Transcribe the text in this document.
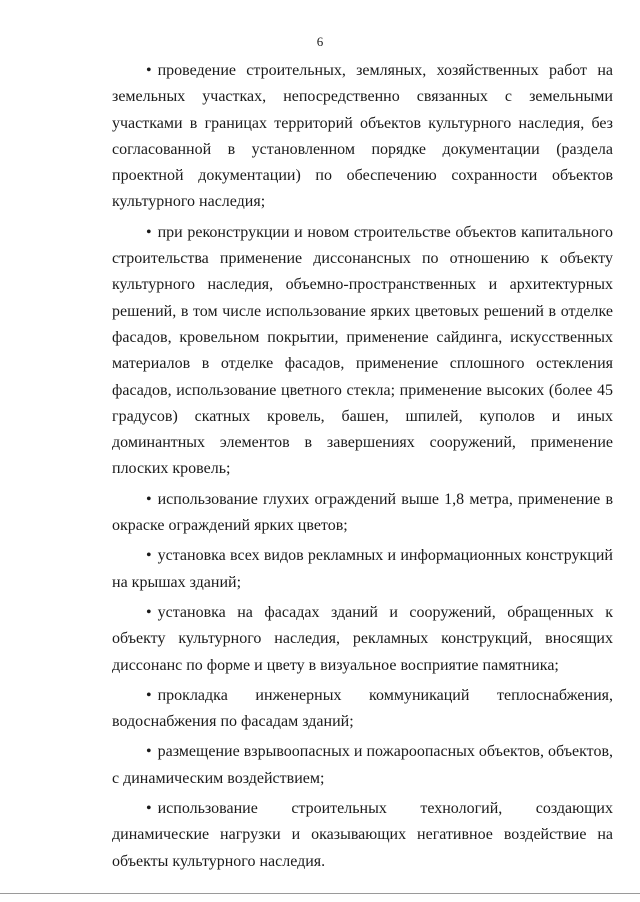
6

• проведение строительных, земляных, хозяйственных работ на земельных участках, непосредственно связанных с земельными участками в границах территорий объектов культурного наследия, без согласованной в установленном порядке документации (раздела проектной документации) по обеспечению сохранности объектов культурного наследия;

• при реконструкции и новом строительстве объектов капитального строительства применение диссонансных по отношению к объекту культурного наследия, объемно-пространственных и архитектурных решений, в том числе использование ярких цветовых решений в отделке фасадов, кровельном покрытии, применение сайдинга, искусственных материалов в отделке фасадов, применение сплошного остекления фасадов, использование цветного стекла; применение высоких (более 45 градусов) скатных кровель, башен, шпилей, куполов и иных доминантных элементов в завершениях сооружений, применение плоских кровель;

• использование глухих ограждений выше 1,8 метра, применение в окраске ограждений ярких цветов;

• установка всех видов рекламных и информационных конструкций на крышах зданий;

• установка на фасадах зданий и сооружений, обращенных к объекту культурного наследия, рекламных конструкций, вносящих диссонанс по форме и цвету в визуальное восприятие памятника;

• прокладка инженерных коммуникаций теплоснабжения, водоснабжения по фасадам зданий;

• размещение взрывоопасных и пожароопасных объектов, объектов, с динамическим воздействием;

• использование строительных технологий, создающих динамические нагрузки и оказывающих негативное воздействие на объекты культурного наследия.
